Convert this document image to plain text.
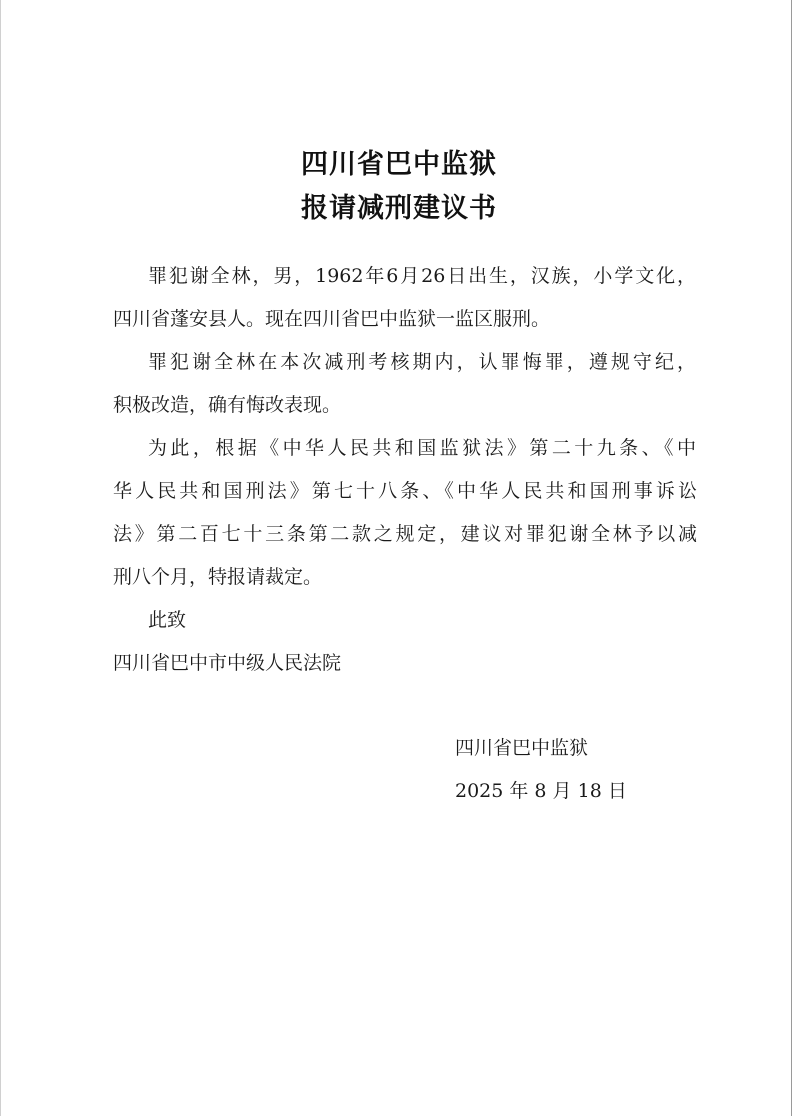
四川省巴中监狱
报请减刑建议书
罪犯谢全林，男，1962年6月26日出生，汉族，小学文化，
四川省蓬安县人。现在四川省巴中监狱一监区服刑。
罪犯谢全林在本次减刑考核期内，认罪悔罪，遵规守纪，
积极改造，确有悔改表现。
为此，根据《中华人民共和国监狱法》第二十九条、《中
华人民共和国刑法》第七十八条、《中华人民共和国刑事诉讼
法》第二百七十三条第二款之规定，建议对罪犯谢全林予以减
刑八个月，特报请裁定。
此致
四川省巴中市中级人民法院
四川省巴中监狱
2025 年 8 月 18 日
